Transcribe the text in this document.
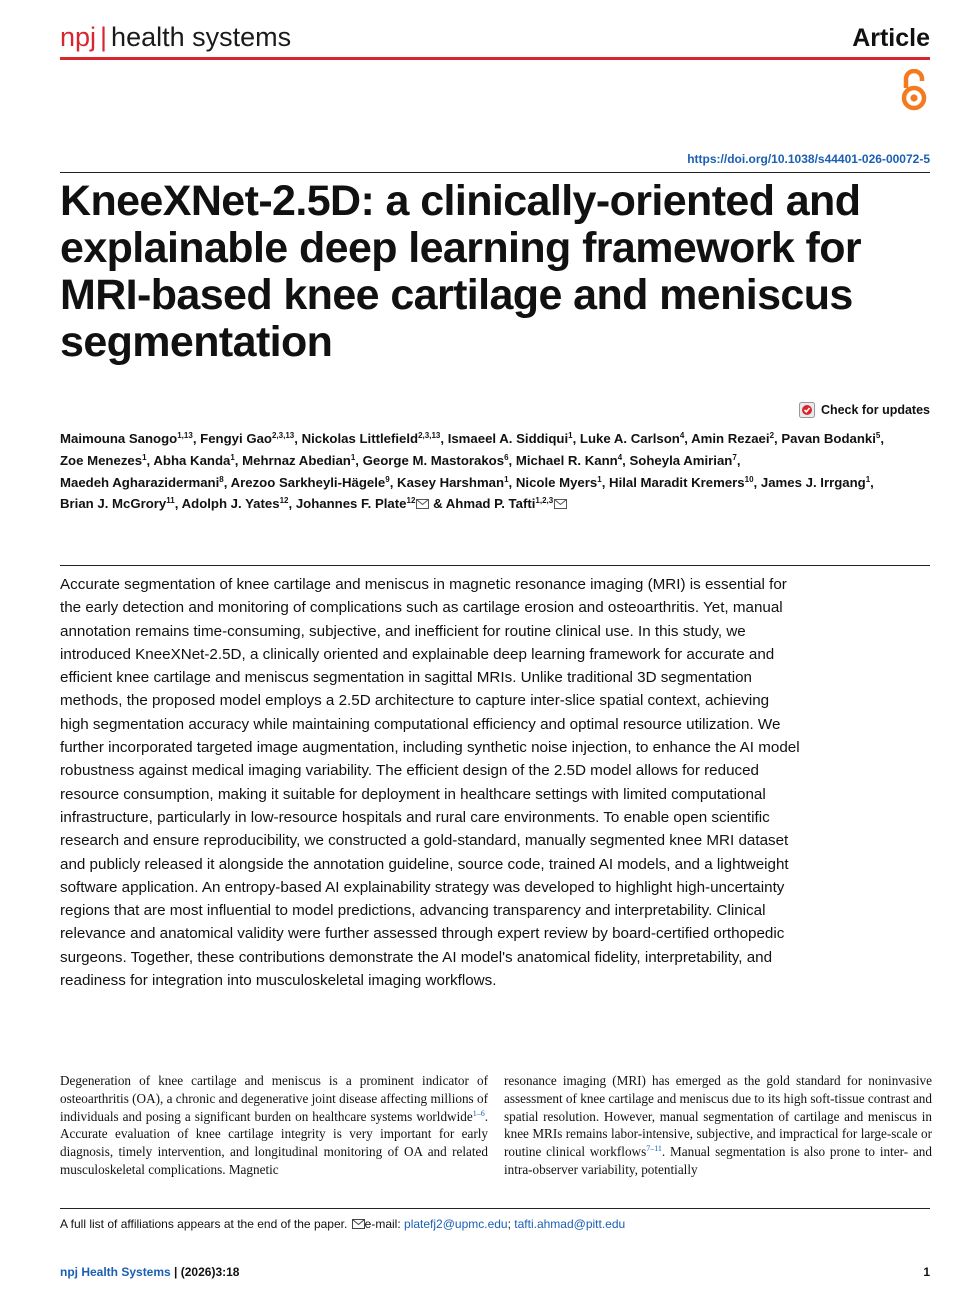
npj | health systems	Article
https://doi.org/10.1038/s44401-026-00072-5
KneeXNet-2.5D: a clinically-oriented and explainable deep learning framework for MRI-based knee cartilage and meniscus segmentation
Check for updates
Maimouna Sanogo$^{1,13}$, Fengyi Gao$^{2,3,13}$, Nickolas Littlefield$^{2,3,13}$, Ismaeel A. Siddiqui$^1$, Luke A. Carlson$^4$, Amin Rezaei$^2$, Pavan Bodanki$^5$, Zoe Menezes$^1$, Abha Kanda$^1$, Mehrnaz Abedian$^1$, George M. Mastorakos$^6$, Michael R. Kann$^4$, Soheyla Amirian$^7$, Maedeh Agharazidermani$^8$, Arezoo Sarkheyli-Hägele$^9$, Kasey Harshman$^1$, Nicole Myers$^1$, Hilal Maradit Kremers$^{10}$, James J. Irrgang$^1$, Brian J. McGrory$^{11}$, Adolph J. Yates$^{12}$, Johannes F. Plate$^{12}$ & Ahmad P. Tafti$^{1,2,3}$

Accurate segmentation of knee cartilage and meniscus in magnetic resonance imaging (MRI) is essential for the early detection and monitoring of complications such as cartilage erosion and osteoarthritis. Yet, manual annotation remains time-consuming, subjective, and inefficient for routine clinical use. In this study, we introduced KneeXNet-2.5D, a clinically oriented and explainable deep learning framework for accurate and efficient knee cartilage and meniscus segmentation in sagittal MRIs. Unlike traditional 3D segmentation methods, the proposed model employs a 2.5D architecture to capture inter-slice spatial context, achieving high segmentation accuracy while maintaining computational efficiency and optimal resource utilization. We further incorporated targeted image augmentation, including synthetic noise injection, to enhance the AI model robustness against medical imaging variability. The efficient design of the 2.5D model allows for reduced resource consumption, making it suitable for deployment in healthcare settings with limited computational infrastructure, particularly in low-resource hospitals and rural care environments. To enable open scientific research and ensure reproducibility, we constructed a gold-standard, manually segmented knee MRI dataset and publicly released it alongside the annotation guideline, source code, trained AI models, and a lightweight software application. An entropy-based AI explainability strategy was developed to highlight high-uncertainty regions that are most influential to model predictions, advancing transparency and interpretability. Clinical relevance and anatomical validity were further assessed through expert review by board-certified orthopedic surgeons. Together, these contributions demonstrate the AI model's anatomical fidelity, interpretability, and readiness for integration into musculoskeletal imaging workflows.

Degeneration of knee cartilage and meniscus is a prominent indicator of osteoarthritis (OA), a chronic and degenerative joint disease affecting millions of individuals and posing a significant burden on healthcare systems worldwide$^{1-6}$. Accurate evaluation of knee cartilage integrity is very important for early diagnosis, timely intervention, and longitudinal monitoring of OA and related musculoskeletal complications. Magnetic

resonance imaging (MRI) has emerged as the gold standard for noninvasive assessment of knee cartilage and meniscus due to its high soft-tissue contrast and spatial resolution. However, manual segmentation of cartilage and meniscus in knee MRIs remains labor-intensive, subjective, and impractical for large-scale or routine clinical workflows$^{7-11}$. Manual segmentation is also prone to inter- and intra-observer variability, potentially

A full list of affiliations appears at the end of the paper. e-mail: platefj2@upmc.edu; tafti.ahmad@pitt.edu
npj Health Systems | (2026)3:18	1
